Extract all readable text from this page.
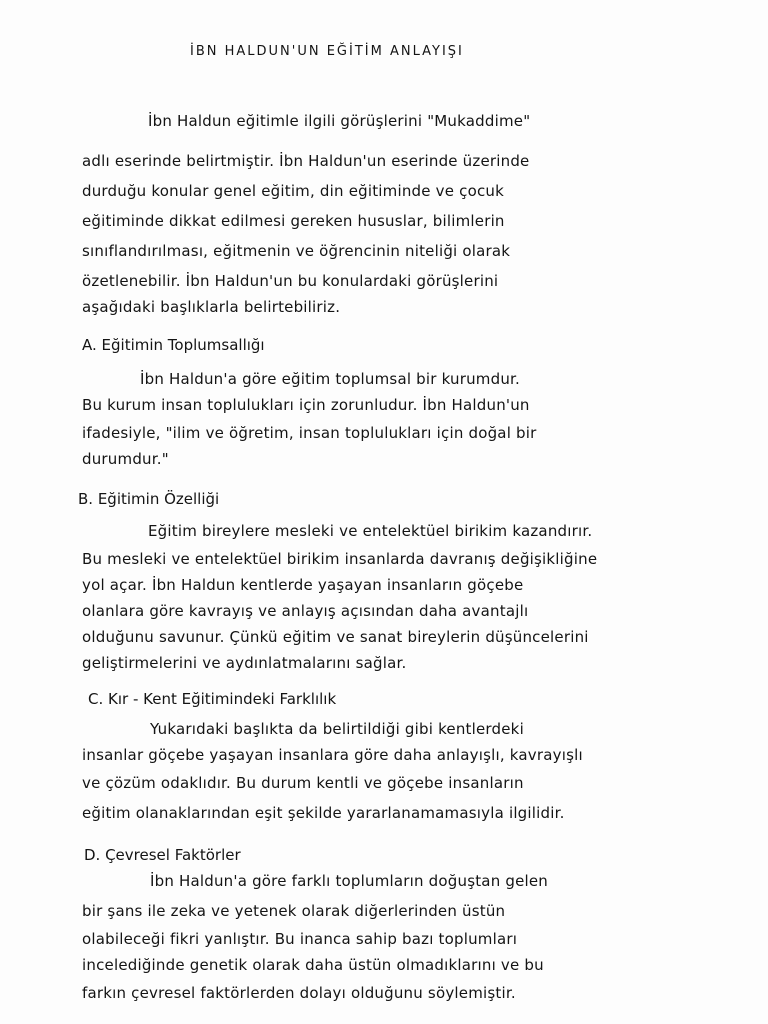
İBN HALDUN'UN EĞİTİM ANLAYIŞI
İbn Haldun eğitimle ilgili görüşlerini "Mukaddime"
adlı eserinde belirtmiştir. İbn Haldun'un eserinde üzerinde
durduğu konular genel eğitim, din eğitiminde ve çocuk
eğitiminde dikkat edilmesi gereken hususlar, bilimlerin
sınıflandırılması, eğitmenin ve öğrencinin niteliği olarak
özetlenebilir. İbn Haldun'un bu konulardaki görüşlerini
aşağıdaki başlıklarla belirtebiliriz.
A. Eğitimin Toplumsallığı
İbn Haldun'a göre eğitim toplumsal bir kurumdur.
Bu kurum insan toplulukları için zorunludur. İbn Haldun'un
ifadesiyle, "ilim ve öğretim, insan toplulukları için doğal bir
durumdur."
B. Eğitimin Özelliği
Eğitim bireylere mesleki ve entelektüel birikim kazandırır.
Bu mesleki ve entelektüel birikim insanlarda davranış değişikliğine
yol açar. İbn Haldun kentlerde yaşayan insanların göçebe
olanlara göre kavrayış ve anlayış açısından daha avantajlı
olduğunu savunur. Çünkü eğitim ve sanat bireylerin düşüncelerini
geliştirmelerini ve aydınlatmalarını sağlar.
C. Kır - Kent Eğitimindeki Farklılık
Yukarıdaki başlıkta da belirtildiği gibi kentlerdeki
insanlar göçebe yaşayan insanlara göre daha anlayışlı, kavrayışlı
ve çözüm odaklıdır. Bu durum kentli ve göçebe insanların
eğitim olanaklarından eşit şekilde yararlanamamasıyla ilgilidir.
D. Çevresel Faktörler
İbn Haldun'a göre farklı toplumların doğuştan gelen
bir şans ile zeka ve yetenek olarak diğerlerinden üstün
olabileceği fikri yanlıştır. Bu inanca sahip bazı toplumları
incelediğinde genetik olarak daha üstün olmadıklarını ve bu
farkın çevresel faktörlerden dolayı olduğunu söylemiştir.
